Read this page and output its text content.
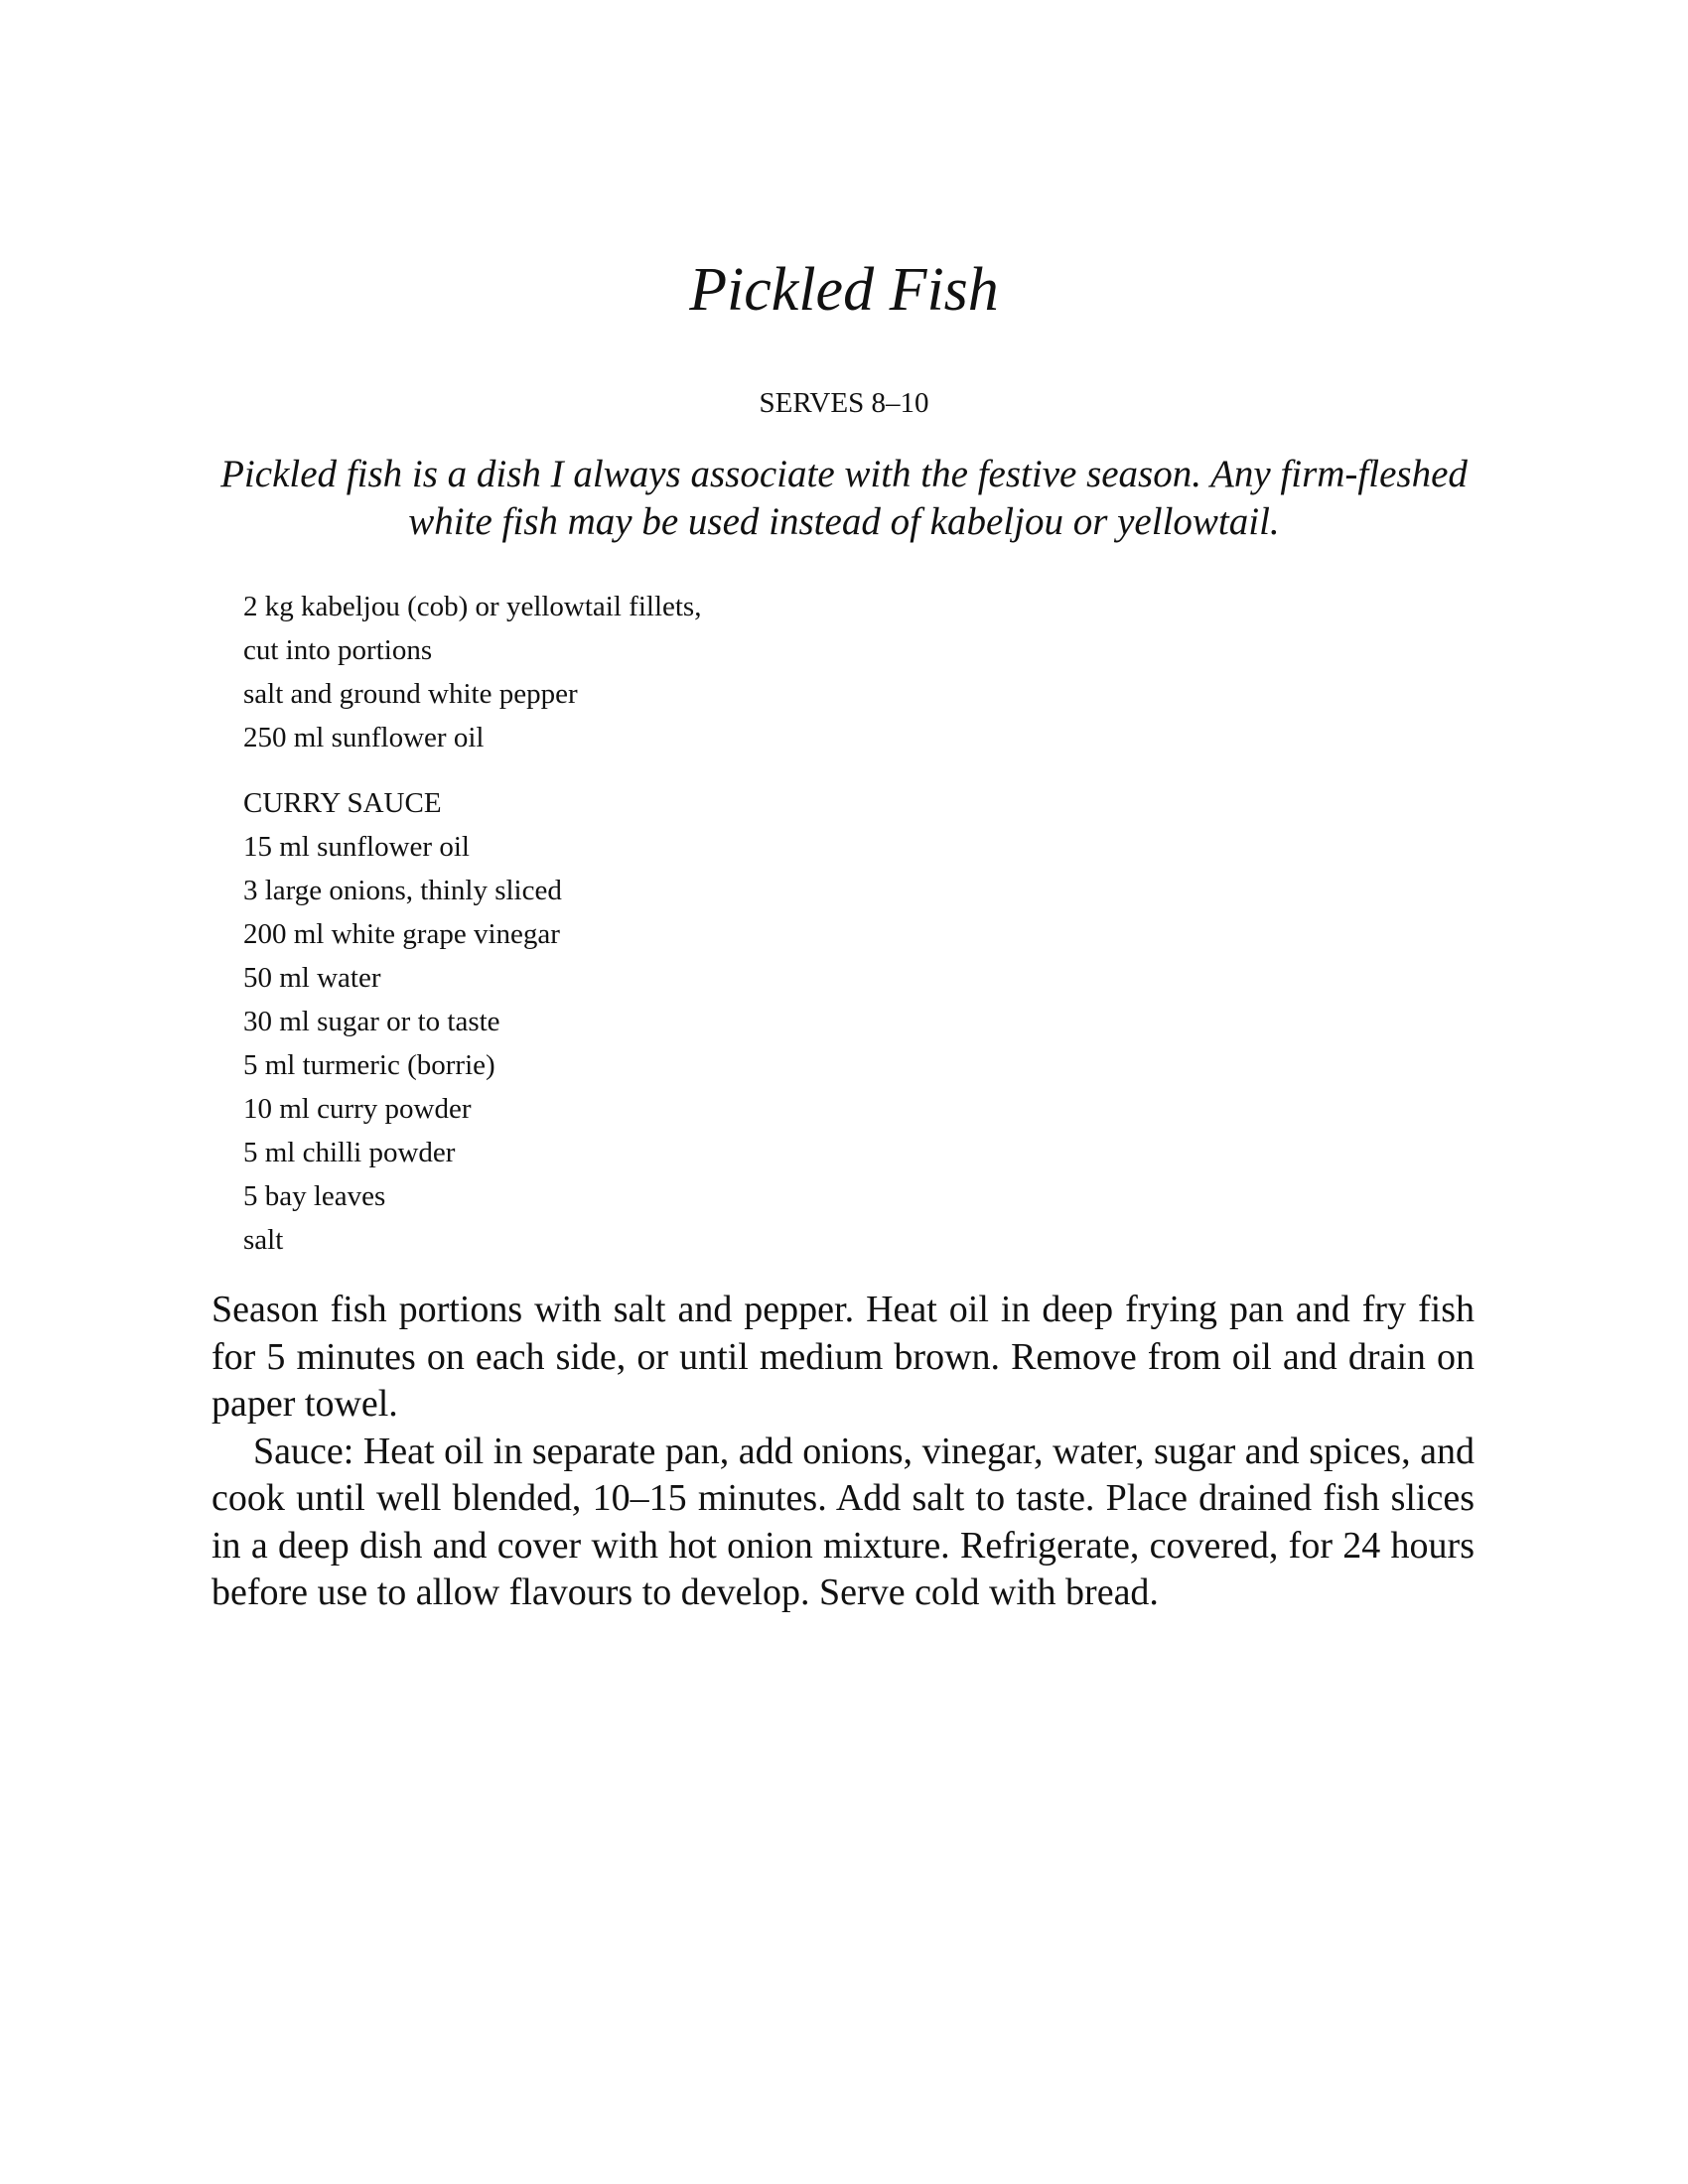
Pickled Fish
SERVES 8–10

Pickled fish is a dish I always associate with the festive season. Any firm-fleshed white fish may be used instead of kabeljou or yellowtail.

2 kg kabeljou (cob) or yellowtail fillets,
cut into portions
salt and ground white pepper
250 ml sunflower oil
CURRY SAUCE
15 ml sunflower oil
3 large onions, thinly sliced
200 ml white grape vinegar
50 ml water
30 ml sugar or to taste
5 ml turmeric (borrie)
10 ml curry powder
5 ml chilli powder
5 bay leaves
salt

Season fish portions with salt and pepper. Heat oil in deep frying pan and fry fish for 5 minutes on each side, or until medium brown. Remove from oil and drain on paper towel.

Sauce: Heat oil in separate pan, add onions, vinegar, water, sugar and spices, and cook until well blended, 10–15 minutes. Add salt to taste. Place drained fish slices in a deep dish and cover with hot onion mixture. Refrigerate, covered, for 24 hours before use to allow flavours to develop. Serve cold with bread.
